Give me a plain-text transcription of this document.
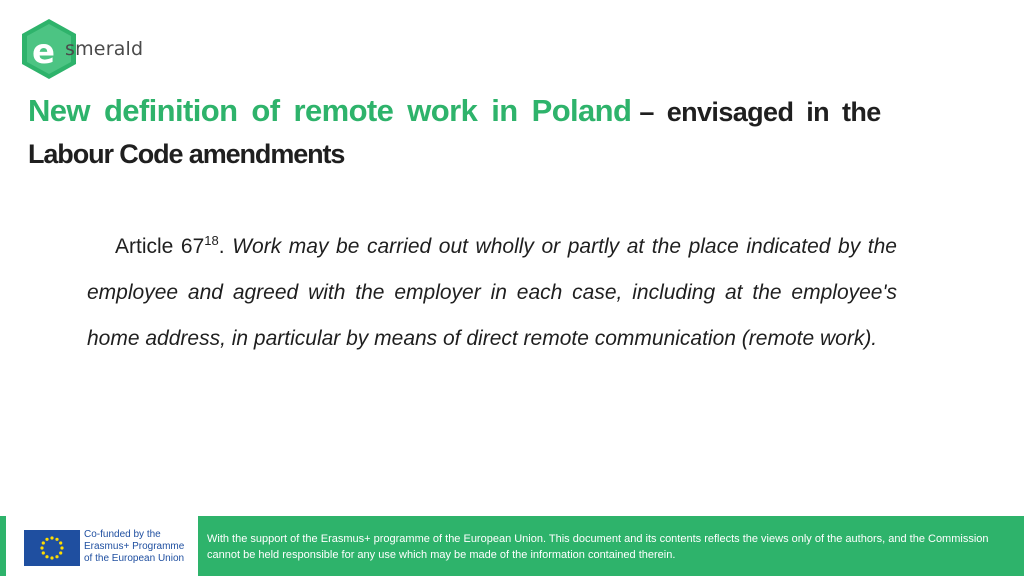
e smerald
New definition of remote work in Poland – envisaged in the
Labour Code amendments
Article $67^{18}$. Work may be carried out wholly or partly at the place indicated by the employee and agreed with the employer in each case, including at the employee's home address, in particular by means of direct remote communication (remote work).
Co-funded by the
Erasmus+ Programme
of the European Union
With the support of the Erasmus+ programme of the European Union. This document and its contents reflects the views only of the authors, and the Commission cannot be held responsible for any use which may be made of the information contained therein.
